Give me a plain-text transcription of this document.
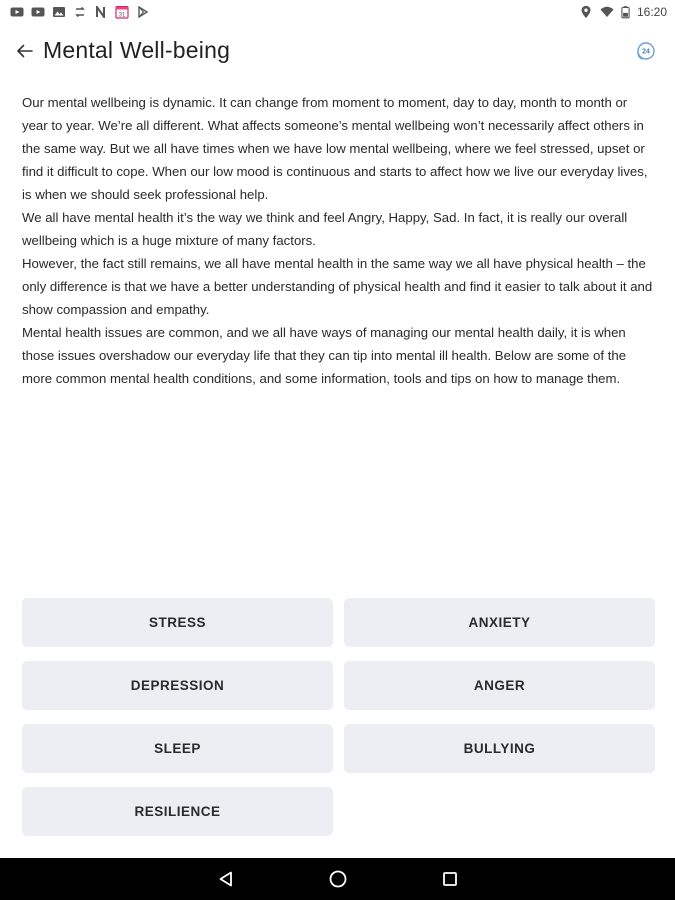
31	16:20
Mental Well-being	24

Our mental wellbeing is dynamic. It can change from moment to moment, day to day, month to month or year to year. We’re all different. What affects someone’s mental wellbeing won’t necessarily affect others in the same way. But we all have times when we have low mental wellbeing, where we feel stressed, upset or find it difficult to cope. When our low mood is continuous and starts to affect how we live our everyday lives, is when we should seek professional help.

We all have mental health it’s the way we think and feel Angry, Happy, Sad. In fact, it is really our overall wellbeing which is a huge mixture of many factors.

However, the fact still remains, we all have mental health in the same way we all have physical health – the only difference is that we have a better understanding of physical health and find it easier to talk about it and show compassion and empathy.

Mental health issues are common, and we all have ways of managing our mental health daily, it is when those issues overshadow our everyday life that they can tip into mental ill health. Below are some of the more common mental health conditions, and some information, tools and tips on how to manage them.

STRESS	ANXIETY
DEPRESSION	ANGER
SLEEP	BULLYING
RESILIENCE
